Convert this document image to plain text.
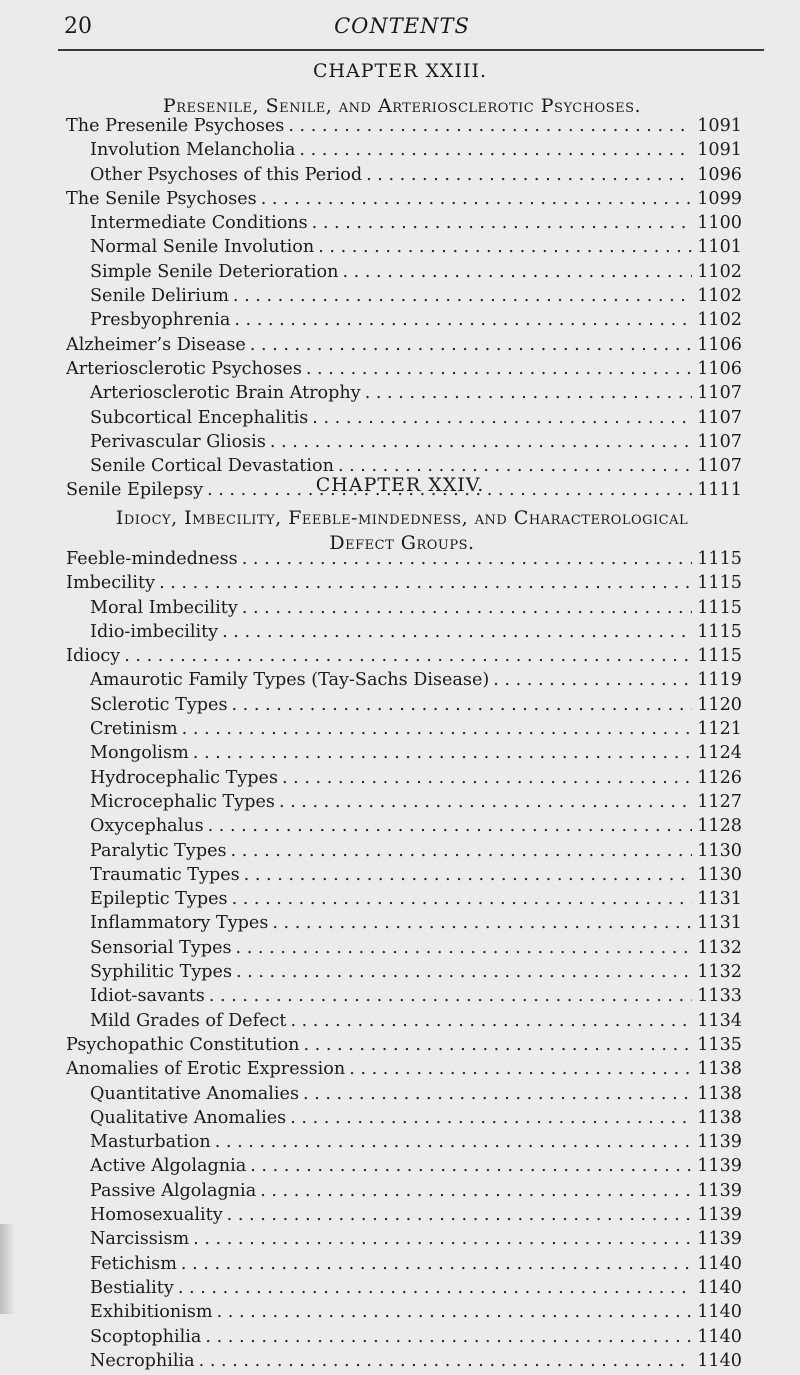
20	CONTENTS
CHAPTER XXIII.
Presenile, Senile, and Arteriosclerotic Psychoses.
The Presenile Psychoses . . .	1091
Involution Melancholia . . .	1091
Other Psychoses of this Period . . .	1096
The Senile Psychoses . . .	1099
Intermediate Conditions . . .	1100
Normal Senile Involution . . .	1101
Simple Senile Deterioration . . .	1102
Senile Delirium . . .	1102
Presbyophrenia . . .	1102
Alzheimer’s Disease . . .	1106
Arteriosclerotic Psychoses . . .	1106
Arteriosclerotic Brain Atrophy . . .	1107
Subcortical Encephalitis . . .	1107
Perivascular Gliosis . . .	1107
Senile Cortical Devastation . . .	1107
Senile Epilepsy . . .	1111
CHAPTER XXIV.
Idiocy, Imbecility, Feeble-mindedness, and Characterological
Defect Groups.
Feeble-mindedness . . .	1115
Imbecility . . .	1115
Moral Imbecility . . .	1115
Idio-imbecility . . .	1115
Idiocy . . .	1115
Amaurotic Family Types (Tay-Sachs Disease) . . .	1119
Sclerotic Types . . .	1120
Cretinism . . .	1121
Mongolism . . .	1124
Hydrocephalic Types . . .	1126
Microcephalic Types . . .	1127
Oxycephalus . . .	1128
Paralytic Types . . .	1130
Traumatic Types . . .	1130
Epileptic Types . . .	1131
Inflammatory Types . . .	1131
Sensorial Types . . .	1132
Syphilitic Types . . .	1132
Idiot-savants . . .	1133
Mild Grades of Defect . . .	1134
Psychopathic Constitution . . .	1135
Anomalies of Erotic Expression . . .	1138
Quantitative Anomalies . . .	1138
Qualitative Anomalies . . .	1138
Masturbation . . .	1139
Active Algolagnia . . .	1139
Passive Algolagnia . . .	1139
Homosexuality . . .	1139
Narcissism . . .	1139
Fetichism . . .	1140
Bestiality . . .	1140
Exhibitionism . . .	1140
Scoptophilia . . .	1140
Necrophilia . . .	1140
